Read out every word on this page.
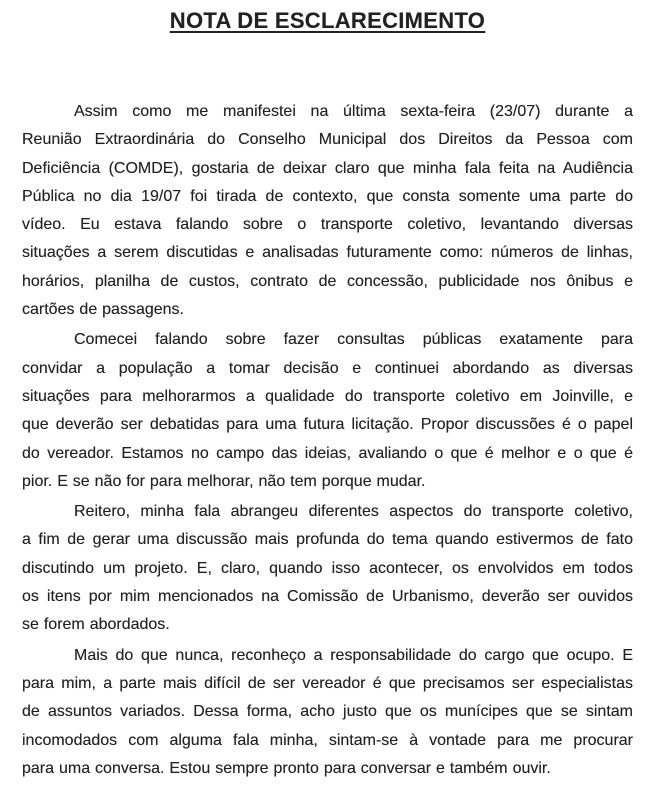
NOTA DE ESCLARECIMENTO
Assim como me manifestei na última sexta-feira (23/07) durante a
Reunião Extraordinária do Conselho Municipal dos Direitos da Pessoa com
Deficiência (COMDE), gostaria de deixar claro que minha fala feita na Audiência
Pública no dia 19/07 foi tirada de contexto, que consta somente uma parte do
vídeo. Eu estava falando sobre o transporte coletivo, levantando diversas
situações a serem discutidas e analisadas futuramente como: números de linhas,
horários, planilha de custos, contrato de concessão, publicidade nos ônibus e
cartões de passagens.
Comecei falando sobre fazer consultas públicas exatamente para
convidar a população a tomar decisão e continuei abordando as diversas
situações para melhorarmos a qualidade do transporte coletivo em Joinville, e
que deverão ser debatidas para uma futura licitação. Propor discussões é o papel
do vereador. Estamos no campo das ideias, avaliando o que é melhor e o que é
pior. E se não for para melhorar, não tem porque mudar.
Reitero, minha fala abrangeu diferentes aspectos do transporte coletivo,
a fim de gerar uma discussão mais profunda do tema quando estivermos de fato
discutindo um projeto. E, claro, quando isso acontecer, os envolvidos em todos
os itens por mim mencionados na Comissão de Urbanismo, deverão ser ouvidos
se forem abordados.
Mais do que nunca, reconheço a responsabilidade do cargo que ocupo. E
para mim, a parte mais difícil de ser vereador é que precisamos ser especialistas
de assuntos variados. Dessa forma, acho justo que os munícipes que se sintam
incomodados com alguma fala minha, sintam-se à vontade para me procurar
para uma conversa. Estou sempre pronto para conversar e também ouvir.
